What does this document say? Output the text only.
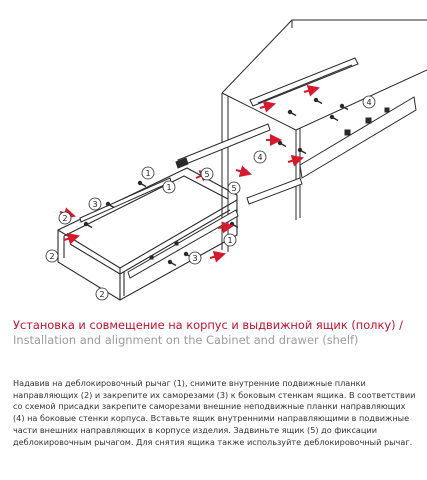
1
2
3
4
5
1
2
3
5
1
2
4

Установка и совмещение на корпус и выдвижной ящик (полку) / Installation and alignment on the Cabinet and drawer (shelf)

Надавив на деблокировочный рычаг (1), снимите внутренние подвижные планки направляющих (2) и закрепите их саморезами (3) к боковым стенкам ящика. В соответствии со схемой присадки закрепите саморезами внешние неподвижные планки направляющих (4) на боковые стенки корпуса. Вставьте ящик внутренними направляющими в подвижные части внешних направляющих в корпусе изделия. Задвиньте ящик (5) до фиксации деблокировочным рычагом. Для снятия ящика также используйте деблокировочный рычаг.
